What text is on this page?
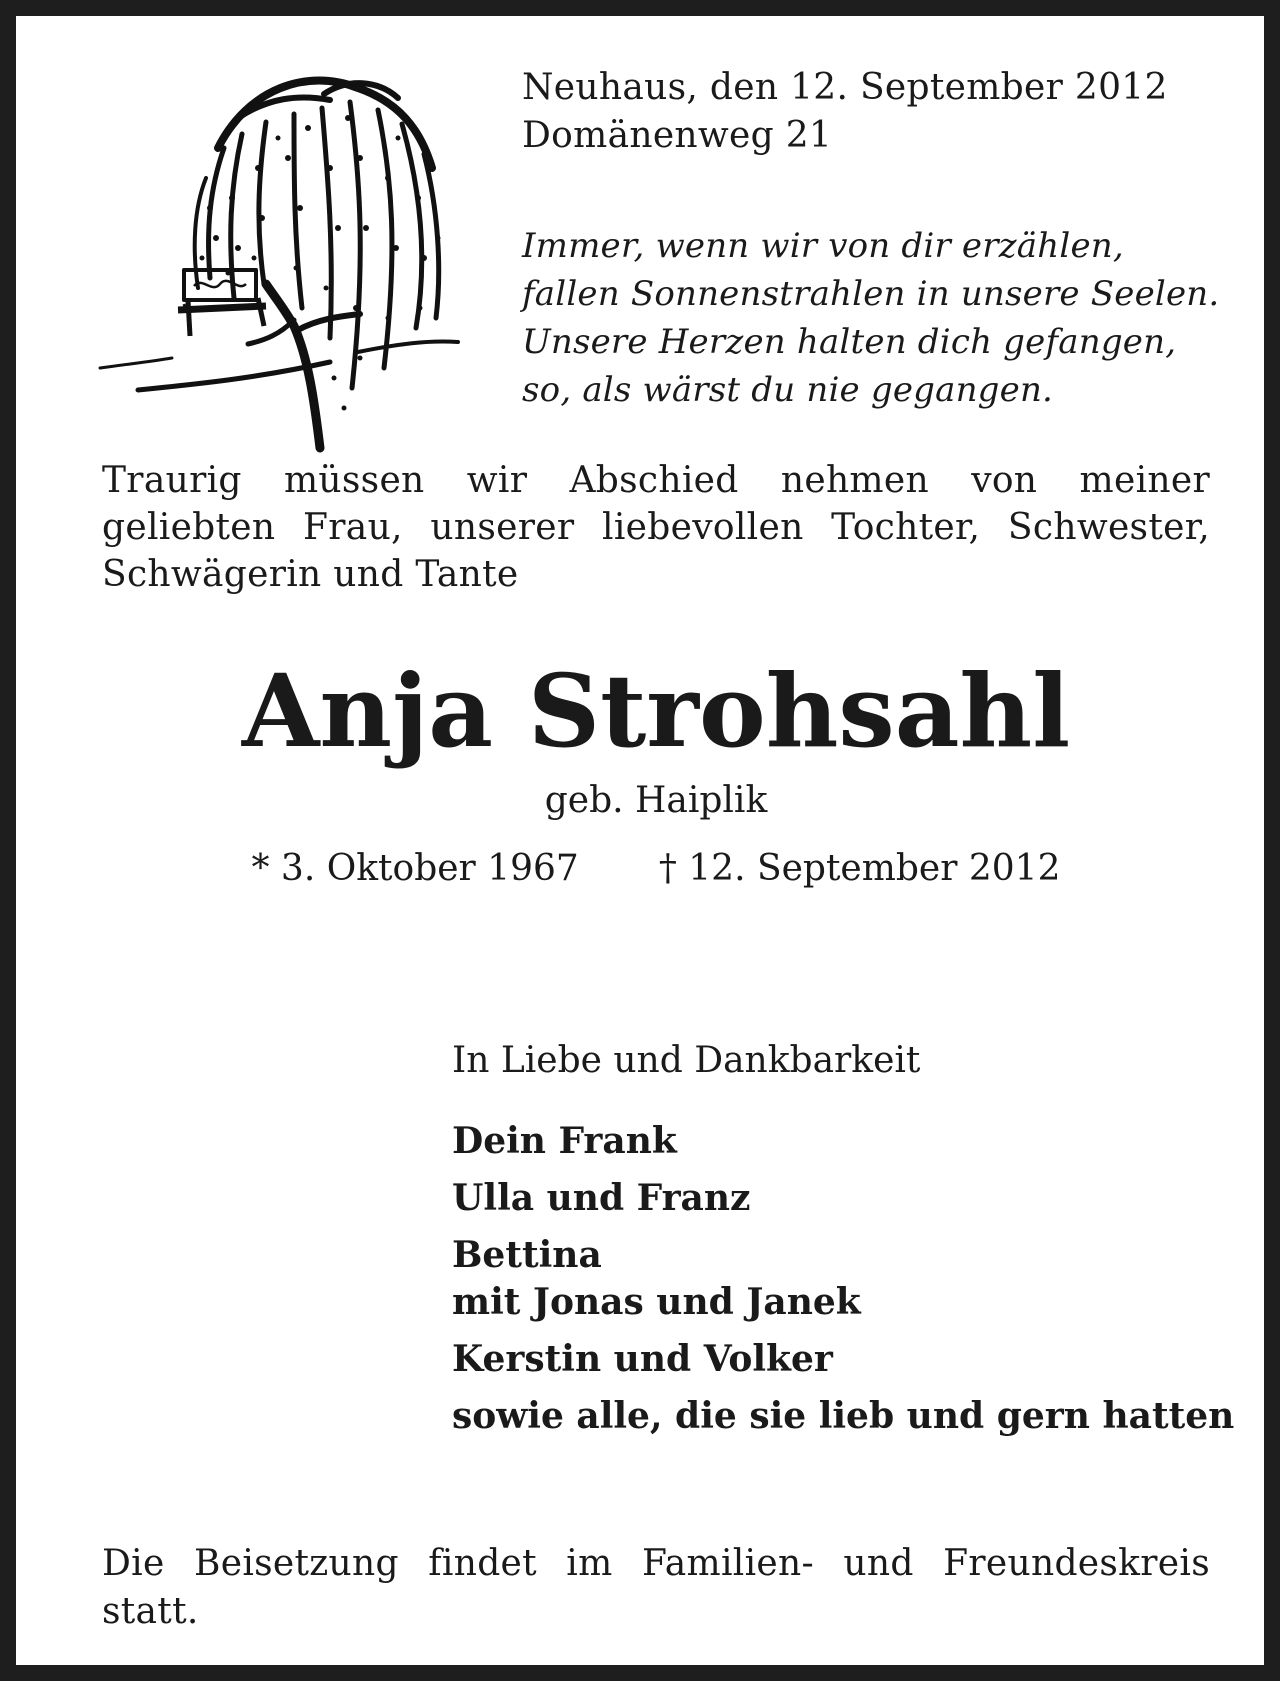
Neuhaus, den 12. September 2012
Domänenweg 21
Immer, wenn wir von dir erzählen,
fallen Sonnenstrahlen in unsere Seelen.
Unsere Herzen halten dich gefangen,
so, als wärst du nie gegangen.
Traurig müssen wir Abschied nehmen von meiner
geliebten Frau, unserer liebevollen Tochter, Schwester,
Schwägerin und Tante
Anja Strohsahl
geb. Haiplik
* 3. Oktober 1967 † 12. September 2012
In Liebe und Dankbarkeit
Dein Frank
Ulla und Franz
Bettina
mit Jonas und Janek
Kerstin und Volker
sowie alle, die sie lieb und gern hatten
Die Beisetzung findet im Familien- und Freundeskreis
statt.
